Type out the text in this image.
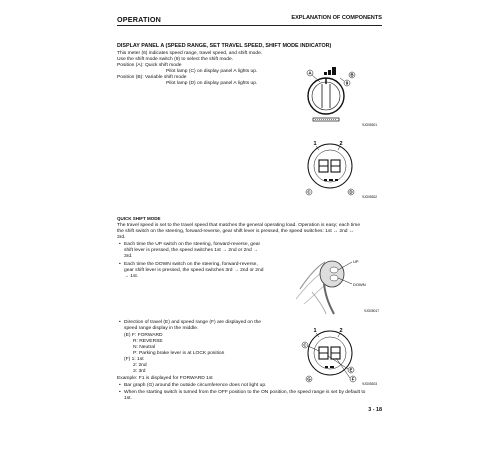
OPERATION	EXPLANATION OF COMPONENTS
DISPLAY PANEL A (SPEED RANGE, SET TRAVEL SPEED, SHIFT MODE INDICATOR)
This meter (6) indicates speed range, travel speed, and shift mode.
Use the shift mode switch (9) to select the shift mode.
Position (A): Quick shift mode
Pilot lamp (C) on display panel A lights up.
Position (B): Variable shift mode
Pilot lamp (D) on display panel A lights up.
A
9
B
9JG05301
1	2
C	D
9JG05302
QUICK SHIFT MODE
The travel speed is set to the travel speed that matches the general operating load. Operation is easy; each time
the shift switch on the steering, forward-reverse, gear shift lever is pressed, the speed switches: 1st ↔ 2nd ↔
3rd.
• Each time the UP switch on the steering, forward-reverse, gear
shift lever is pressed, the speed switches 1st → 2nd or 2nd →
3rd.
• Each time the DOWN switch on the steering, forward-reverse,
gear shift lever is pressed, the speed switches 3rd → 2nd or 2nd
→ 1st.
UP
DOWN
9JG05017
• Direction of travel (E) and speed range (F) are displayed on the
speed range display in the middle.
(E) F: FORWARD
R: REVERSE
N: Neutral
P: Parking brake lever is at LOCK position
(F) 1: 1st
2: 2nd
3: 3rd
Example: F1 is displayed for FORWARD 1st
1	2
C
G
E
F
9JG05303
• Bar graph (G) around the outside circumference does not light up.
• When the starting switch is turned from the OFF position to the ON position, the speed range is set by default to
1st.
3 - 18
